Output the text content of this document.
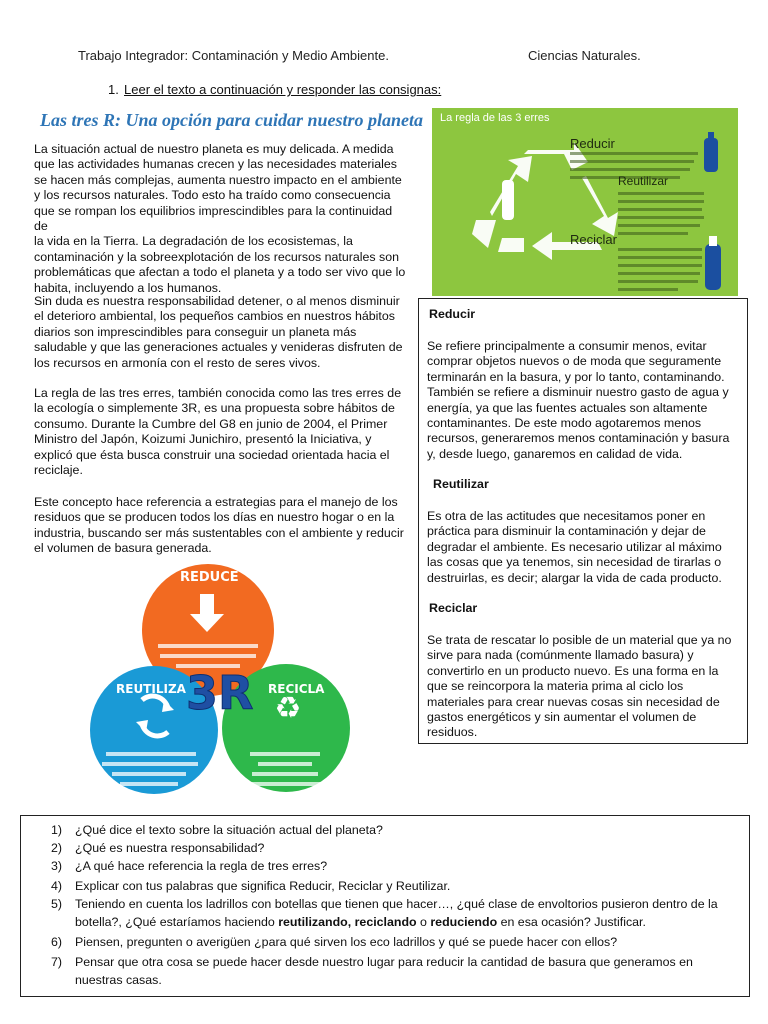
Trabajo Integrador: Contaminación y Medio Ambiente.	Ciencias Naturales.
1. Leer el texto a continuación y responder las consignas:
Las tres R: Una opción para cuidar nuestro planeta
La situación actual de nuestro planeta es muy delicada. A medida
que las actividades humanas crecen y las necesidades materiales
se hacen más complejas, aumenta nuestro impacto en el ambiente
y los recursos naturales. Todo esto ha traído como consecuencia
que se rompan los equilibrios imprescindibles para la continuidad de
la vida en la Tierra. La degradación de los ecosistemas, la
contaminación y la sobreexplotación de los recursos naturales son
problemáticas que afectan a todo el planeta y a todo ser vivo que lo
habita, incluyendo a los humanos.
Sin duda es nuestra responsabilidad detener, o al menos disminuir
el deterioro ambiental, los pequeños cambios en nuestros hábitos
diarios son imprescindibles para conseguir un planeta más
saludable y que las generaciones actuales y venideras disfruten de
los recursos en armonía con el resto de seres vivos.
La regla de las tres erres, también conocida como las tres erres de
la ecología o simplemente 3R, es una propuesta sobre hábitos de
consumo. Durante la Cumbre del G8 en junio de 2004, el Primer
Ministro del Japón, Koizumi Junichiro, presentó la Iniciativa, y
explicó que ésta busca construir una sociedad orientada hacia el
reciclaje.
Este concepto hace referencia a estrategias para el manejo de los
residuos que se producen todos los días en nuestro hogar o en la
industria, buscando ser más sustentables con el ambiente y reducir
el volumen de basura generada.
La regla de las 3 erres
Reducir
Reutilizar
Reciclar
Reducir
Se refiere principalmente a consumir menos, evitar
comprar objetos nuevos o de moda que seguramente
terminarán en la basura, y por lo tanto, contaminando.
También se refiere a disminuir nuestro gasto de agua y
energía, ya que las fuentes actuales son altamente
contaminantes. De este modo agotaremos menos
recursos, generaremos menos contaminación y basura
y, desde luego, ganaremos en calidad de vida.
Reutilizar
Es otra de las actitudes que necesitamos poner en
práctica para disminuir la contaminación y dejar de
degradar el ambiente. Es necesario utilizar al máximo
las cosas que ya tenemos, sin necesidad de tirarlas o
destruirlas, es decir; alargar la vida de cada producto.
Reciclar
Se trata de rescatar lo posible de un material que ya no
sirve para nada (comúnmente llamado basura) y
convertirlo en un producto nuevo. Es una forma en la
que se reincorpora la materia prima al ciclo los
materiales para crear nuevas cosas sin necesidad de
gastos energéticos y sin aumentar el volumen de
residuos.
♻
REDUCE
REUTILIZA	RECICLA
3R
1)	¿Qué dice el texto sobre la situación actual del planeta?
2)	¿Qué es nuestra responsabilidad?
3)	¿A qué hace referencia la regla de tres erres?
4)	Explicar con tus palabras que significa Reducir, Reciclar y Reutilizar.
5)	Teniendo en cuenta los ladrillos con botellas que tienen que hacer…, ¿qué clase de envoltorios pusieron dentro de la
botella?, ¿Qué estaríamos haciendo reutilizando, reciclando o reduciendo en esa ocasión? Justificar.
6)	Piensen, pregunten o averigüen ¿para qué sirven los eco ladrillos y qué se puede hacer con ellos?
7)	Pensar que otra cosa se puede hacer desde nuestro lugar para reducir la cantidad de basura que generamos en
nuestras casas.
